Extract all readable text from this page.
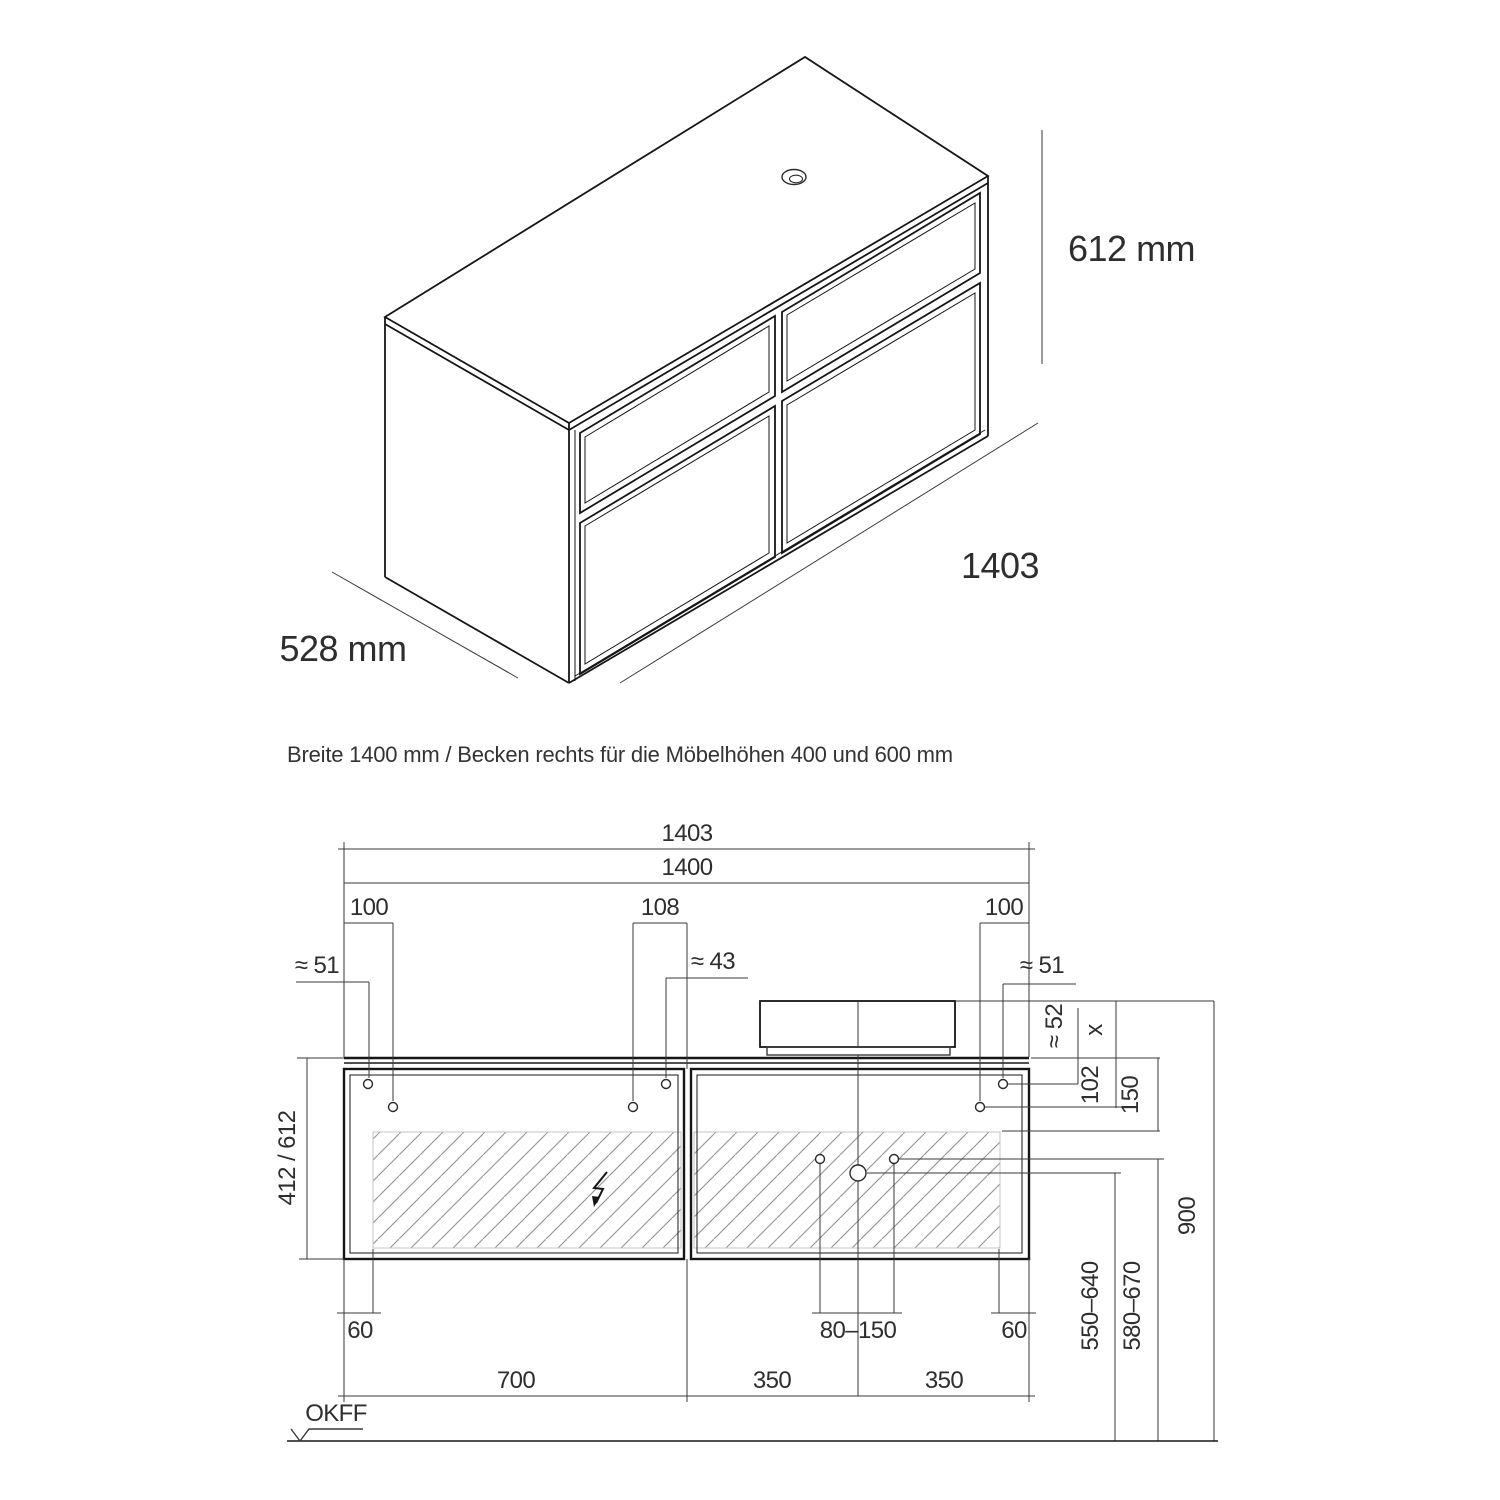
612 mm
528 mm
1403
Breite 1400 mm / Becken rechts für die Möbelhöhen 400 und 600 mm
OKFF
1403
1400
100	108	100
≈ 51	≈ 43	≈ 51
412 / 612
≈ 52 x
102 150
900
550–640 580–670
60	80–150	60
700	350	350
